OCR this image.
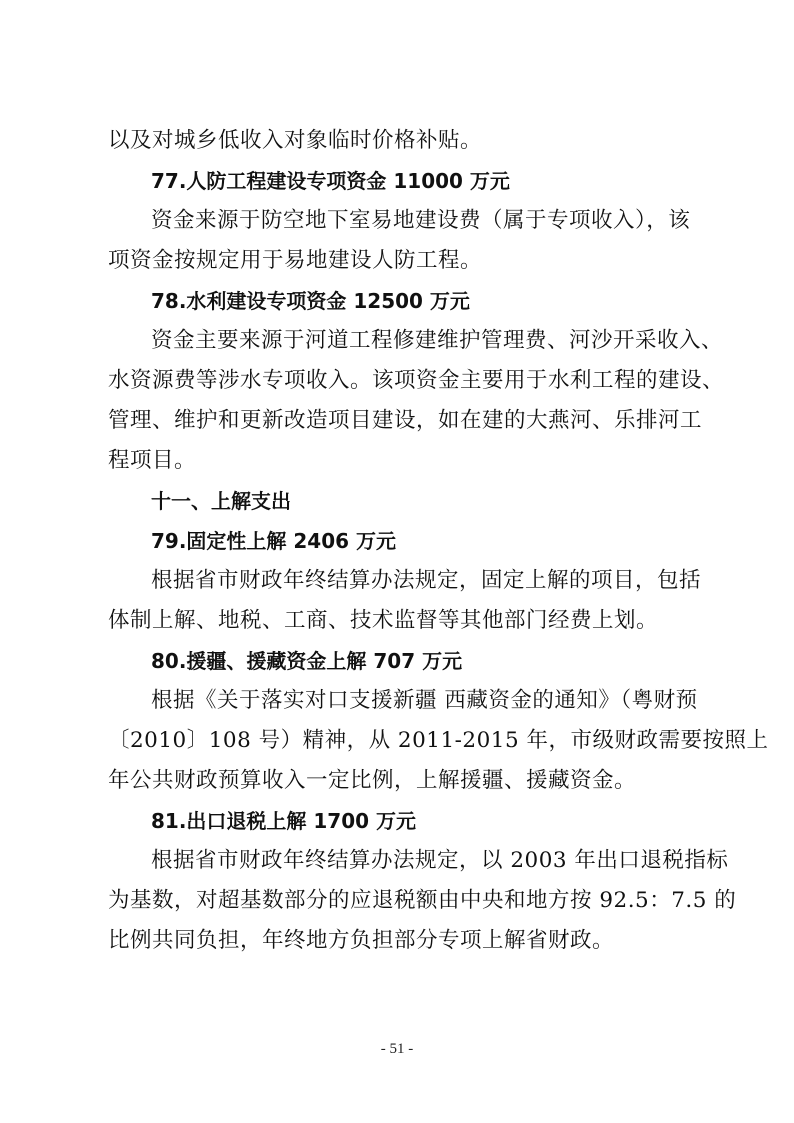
以及对城乡低收入对象临时价格补贴。
77.人防工程建设专项资金 11000 万元
资金来源于防空地下室易地建设费（属于专项收入），该
项资金按规定用于易地建设人防工程。
78.水利建设专项资金 12500 万元
资金主要来源于河道工程修建维护管理费、河沙开采收入、
水资源费等涉水专项收入。该项资金主要用于水利工程的建设、
管理、维护和更新改造项目建设，如在建的大燕河、乐排河工
程项目。
十一、上解支出
79.固定性上解 2406 万元
根据省市财政年终结算办法规定，固定上解的项目，包括
体制上解、地税、工商、技术监督等其他部门经费上划。
80.援疆、援藏资金上解 707 万元
根据《关于落实对口支援新疆 西藏资金的通知》（粤财预
〔2010〕108 号）精神，从 2011-2015 年，市级财政需要按照上
年公共财政预算收入一定比例，上解援疆、援藏资金。
81.出口退税上解 1700 万元
根据省市财政年终结算办法规定，以 2003 年出口退税指标
为基数，对超基数部分的应退税额由中央和地方按 92.5：7.5 的
比例共同负担，年终地方负担部分专项上解省财政。
- 51 -
